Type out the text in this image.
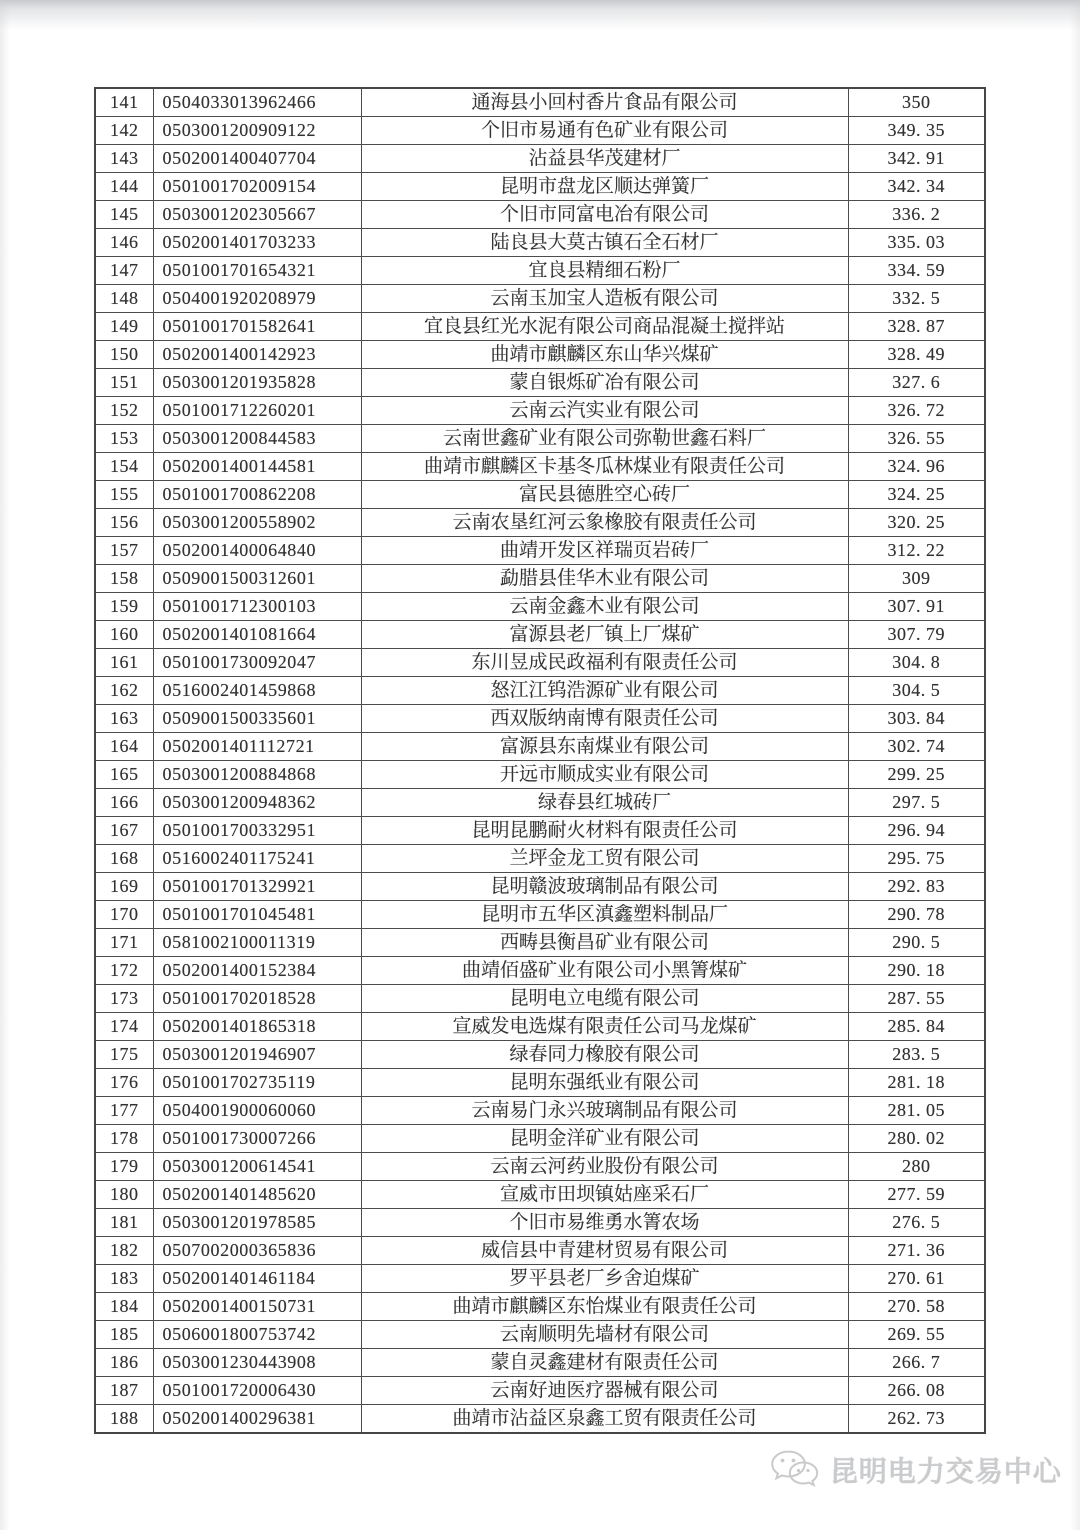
141	0504033013962466	通海县小回村香片食品有限公司	350
142	0503001200909122	个旧市易通有色矿业有限公司	349. 35
143	0502001400407704	沾益县华茂建材厂	342. 91
144	0501001702009154	昆明市盘龙区顺达弹簧厂	342. 34
145	0503001202305667	个旧市同富电冶有限公司	336. 2
146	0502001401703233	陆良县大莫古镇石全石材厂	335. 03
147	0501001701654321	宜良县精细石粉厂	334. 59
148	0504001920208979	云南玉加宝人造板有限公司	332. 5
149	0501001701582641	宜良县红光水泥有限公司商品混凝土搅拌站	328. 87
150	0502001400142923	曲靖市麒麟区东山华兴煤矿	328. 49
151	0503001201935828	蒙自银烁矿冶有限公司	327. 6
152	0501001712260201	云南云汽实业有限公司	326. 72
153	0503001200844583	云南世鑫矿业有限公司弥勒世鑫石料厂	326. 55
154	0502001400144581	曲靖市麒麟区卡基冬瓜林煤业有限责任公司	324. 96
155	0501001700862208	富民县德胜空心砖厂	324. 25
156	0503001200558902	云南农垦红河云象橡胶有限责任公司	320. 25
157	0502001400064840	曲靖开发区祥瑞页岩砖厂	312. 22
158	0509001500312601	勐腊县佳华木业有限公司	309
159	0501001712300103	云南金鑫木业有限公司	307. 91
160	0502001401081664	富源县老厂镇上厂煤矿	307. 79
161	0501001730092047	东川昱成民政福利有限责任公司	304. 8
162	0516002401459868	怒江江钨浩源矿业有限公司	304. 5
163	0509001500335601	西双版纳南博有限责任公司	303. 84
164	0502001401112721	富源县东南煤业有限公司	302. 74
165	0503001200884868	开远市顺成实业有限公司	299. 25
166	0503001200948362	绿春县红城砖厂	297. 5
167	0501001700332951	昆明昆鹏耐火材料有限责任公司	296. 94
168	0516002401175241	兰坪金龙工贸有限公司	295. 75
169	0501001701329921	昆明赣波玻璃制品有限公司	292. 83
170	0501001701045481	昆明市五华区滇鑫塑料制品厂	290. 78
171	0581002100011319	西畴县衡昌矿业有限公司	290. 5
172	0502001400152384	曲靖佰盛矿业有限公司小黑箐煤矿	290. 18
173	0501001702018528	昆明电立电缆有限公司	287. 55
174	0502001401865318	宣威发电选煤有限责任公司马龙煤矿	285. 84
175	0503001201946907	绿春同力橡胶有限公司	283. 5
176	0501001702735119	昆明东强纸业有限公司	281. 18
177	0504001900060060	云南易门永兴玻璃制品有限公司	281. 05
178	0501001730007266	昆明金洋矿业有限公司	280. 02
179	0503001200614541	云南云河药业股份有限公司	280
180	0502001401485620	宣威市田坝镇姑座采石厂	277. 59
181	0503001201978585	个旧市易维勇水箐农场	276. 5
182	0507002000365836	威信县中青建材贸易有限公司	271. 36
183	0502001401461184	罗平县老厂乡舍迫煤矿	270. 61
184	0502001400150731	曲靖市麒麟区东怡煤业有限责任公司	270. 58
185	0506001800753742	云南顺明先墙材有限公司	269. 55
186	0503001230443908	蒙自灵鑫建材有限责任公司	266. 7
187	0501001720006430	云南好迪医疗器械有限公司	266. 08
188	0502001400296381	曲靖市沾益区泉鑫工贸有限责任公司	262. 73
昆明电力交易中心
